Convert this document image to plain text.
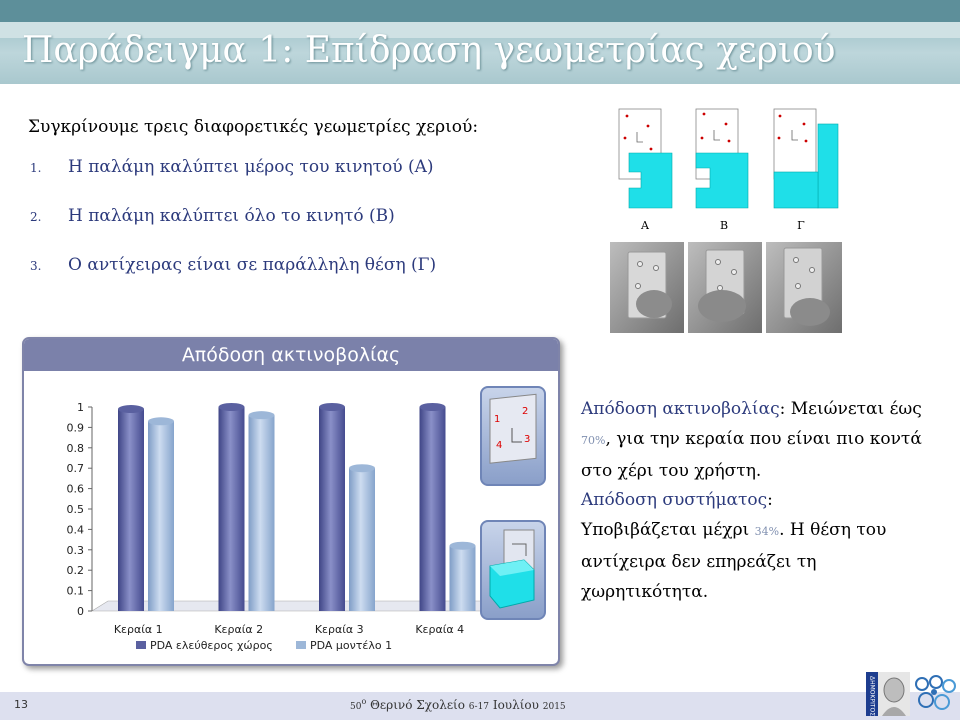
Παράδειγμα 1: Επίδραση γεωμετρίας χεριού
Συγκρίνουμε τρεις διαφορετικές γεωμετρίες χεριού:
1.	Η παλάμη καλύπτει μέρος του κινητού (Α)
2.	Η παλάμη καλύπτει όλο το κινητό (Β)
3.	Ο αντίχειρας είναι σε παράλληλη θέση (Γ)
A	B	Γ
Απόδοση ακτινοβολίας
0
0.1
0.2
0.3
0.4
0.5
0.6
0.7
0.8
0.9
1
Κεραία 1	Κεραία 2	Κεραία 3	Κεραία 4
PDA ελεύθερος χώρος	PDA μοντέλο 1
1
2
3
4
Απόδοση ακτινοβολίας: Μειώνεται έως 70%, για την κεραία που είναι πιο κοντά στο χέρι του χρήστη.
Απόδοση συστήματος:
Υποβιβάζεται μέχρι 34%. Η θέση του αντίχειρα δεν επηρεάζει τη χωρητικότητα.
13	$50^o$ Θερινό Σχολείο 6-17 Ιουλίου 2015	ΔΗΜΟΚΡΙΤΟΣ
